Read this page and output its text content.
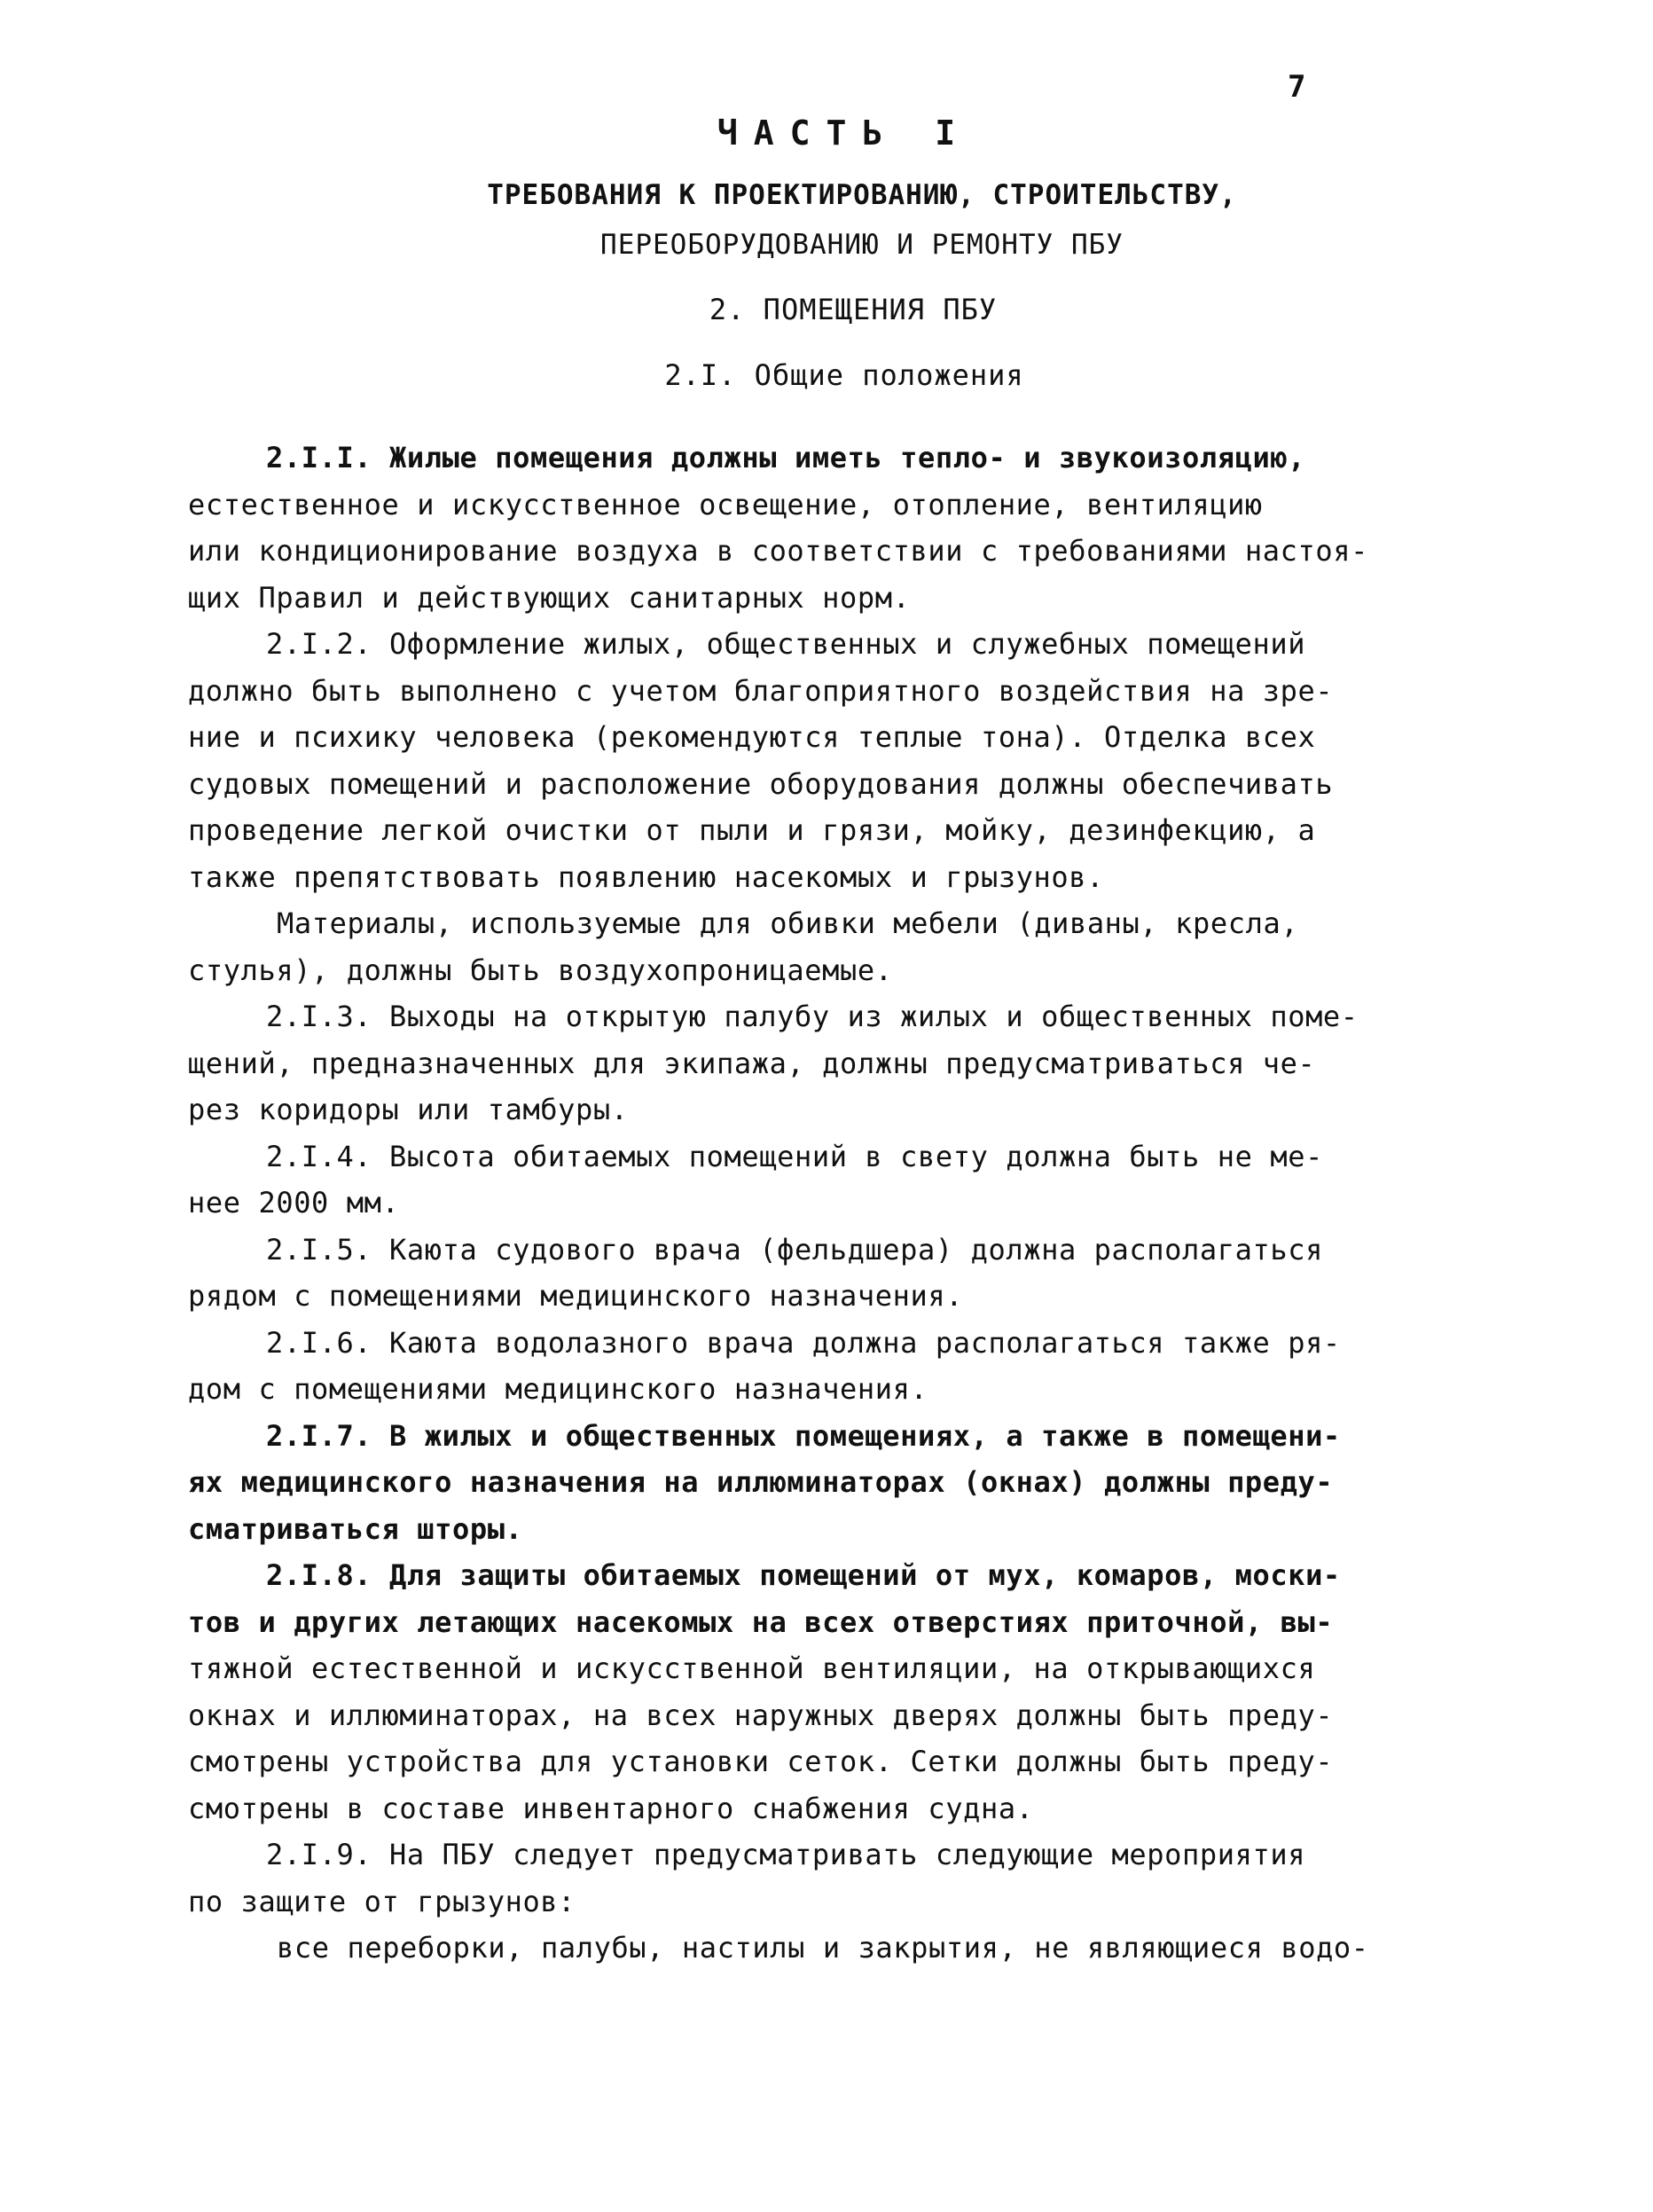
7
ЧАСТЬ I
ТРЕБОВАНИЯ К ПРОЕКТИРОВАНИЮ, СТРОИТЕЛЬСТВУ,
ПЕРЕОБОРУДОВАНИЮ И РЕМОНТУ ПБУ
2. ПОМЕЩЕНИЯ ПБУ
2.I. Общие положения
2.I.I. Жилые помещения должны иметь тепло- и звукоизоляцию,
естественное и искусственное освещение, отопление, вентиляцию
или кондиционирование воздуха в соответствии с требованиями настоя-
щих Правил и действующих санитарных норм.
2.I.2. Оформление жилых, общественных и служебных помещений
должно быть выполнено с учетом благоприятного воздействия на зре-
ние и психику человека (рекомендуются теплые тона). Отделка всех
судовых помещений и расположение оборудования должны обеспечивать
проведение легкой очистки от пыли и грязи, мойку, дезинфекцию, а
также препятствовать появлению насекомых и грызунов.
Материалы, используемые для обивки мебели (диваны, кресла,
стулья), должны быть воздухопроницаемые.
2.I.3. Выходы на открытую палубу из жилых и общественных поме-
щений, предназначенных для экипажа, должны предусматриваться че-
рез коридоры или тамбуры.
2.I.4. Высота обитаемых помещений в свету должна быть не ме-
нее 2000 мм.
2.I.5. Каюта судового врача (фельдшера) должна располагаться
рядом с помещениями медицинского назначения.
2.I.6. Каюта водолазного врача должна располагаться также ря-
дом с помещениями медицинского назначения.
2.I.7. В жилых и общественных помещениях, а также в помещени-
ях медицинского назначения на иллюминаторах (окнах) должны преду-
сматриваться шторы.
2.I.8. Для защиты обитаемых помещений от мух, комаров, моски-
тов и других летающих насекомых на всех отверстиях приточной, вы-
тяжной естественной и искусственной вентиляции, на открывающихся
окнах и иллюминаторах, на всех наружных дверях должны быть преду-
смотрены устройства для установки сеток. Сетки должны быть преду-
смотрены в составе инвентарного снабжения судна.
2.I.9. На ПБУ следует предусматривать следующие мероприятия
по защите от грызунов:
все переборки, палубы, настилы и закрытия, не являющиеся водо-
